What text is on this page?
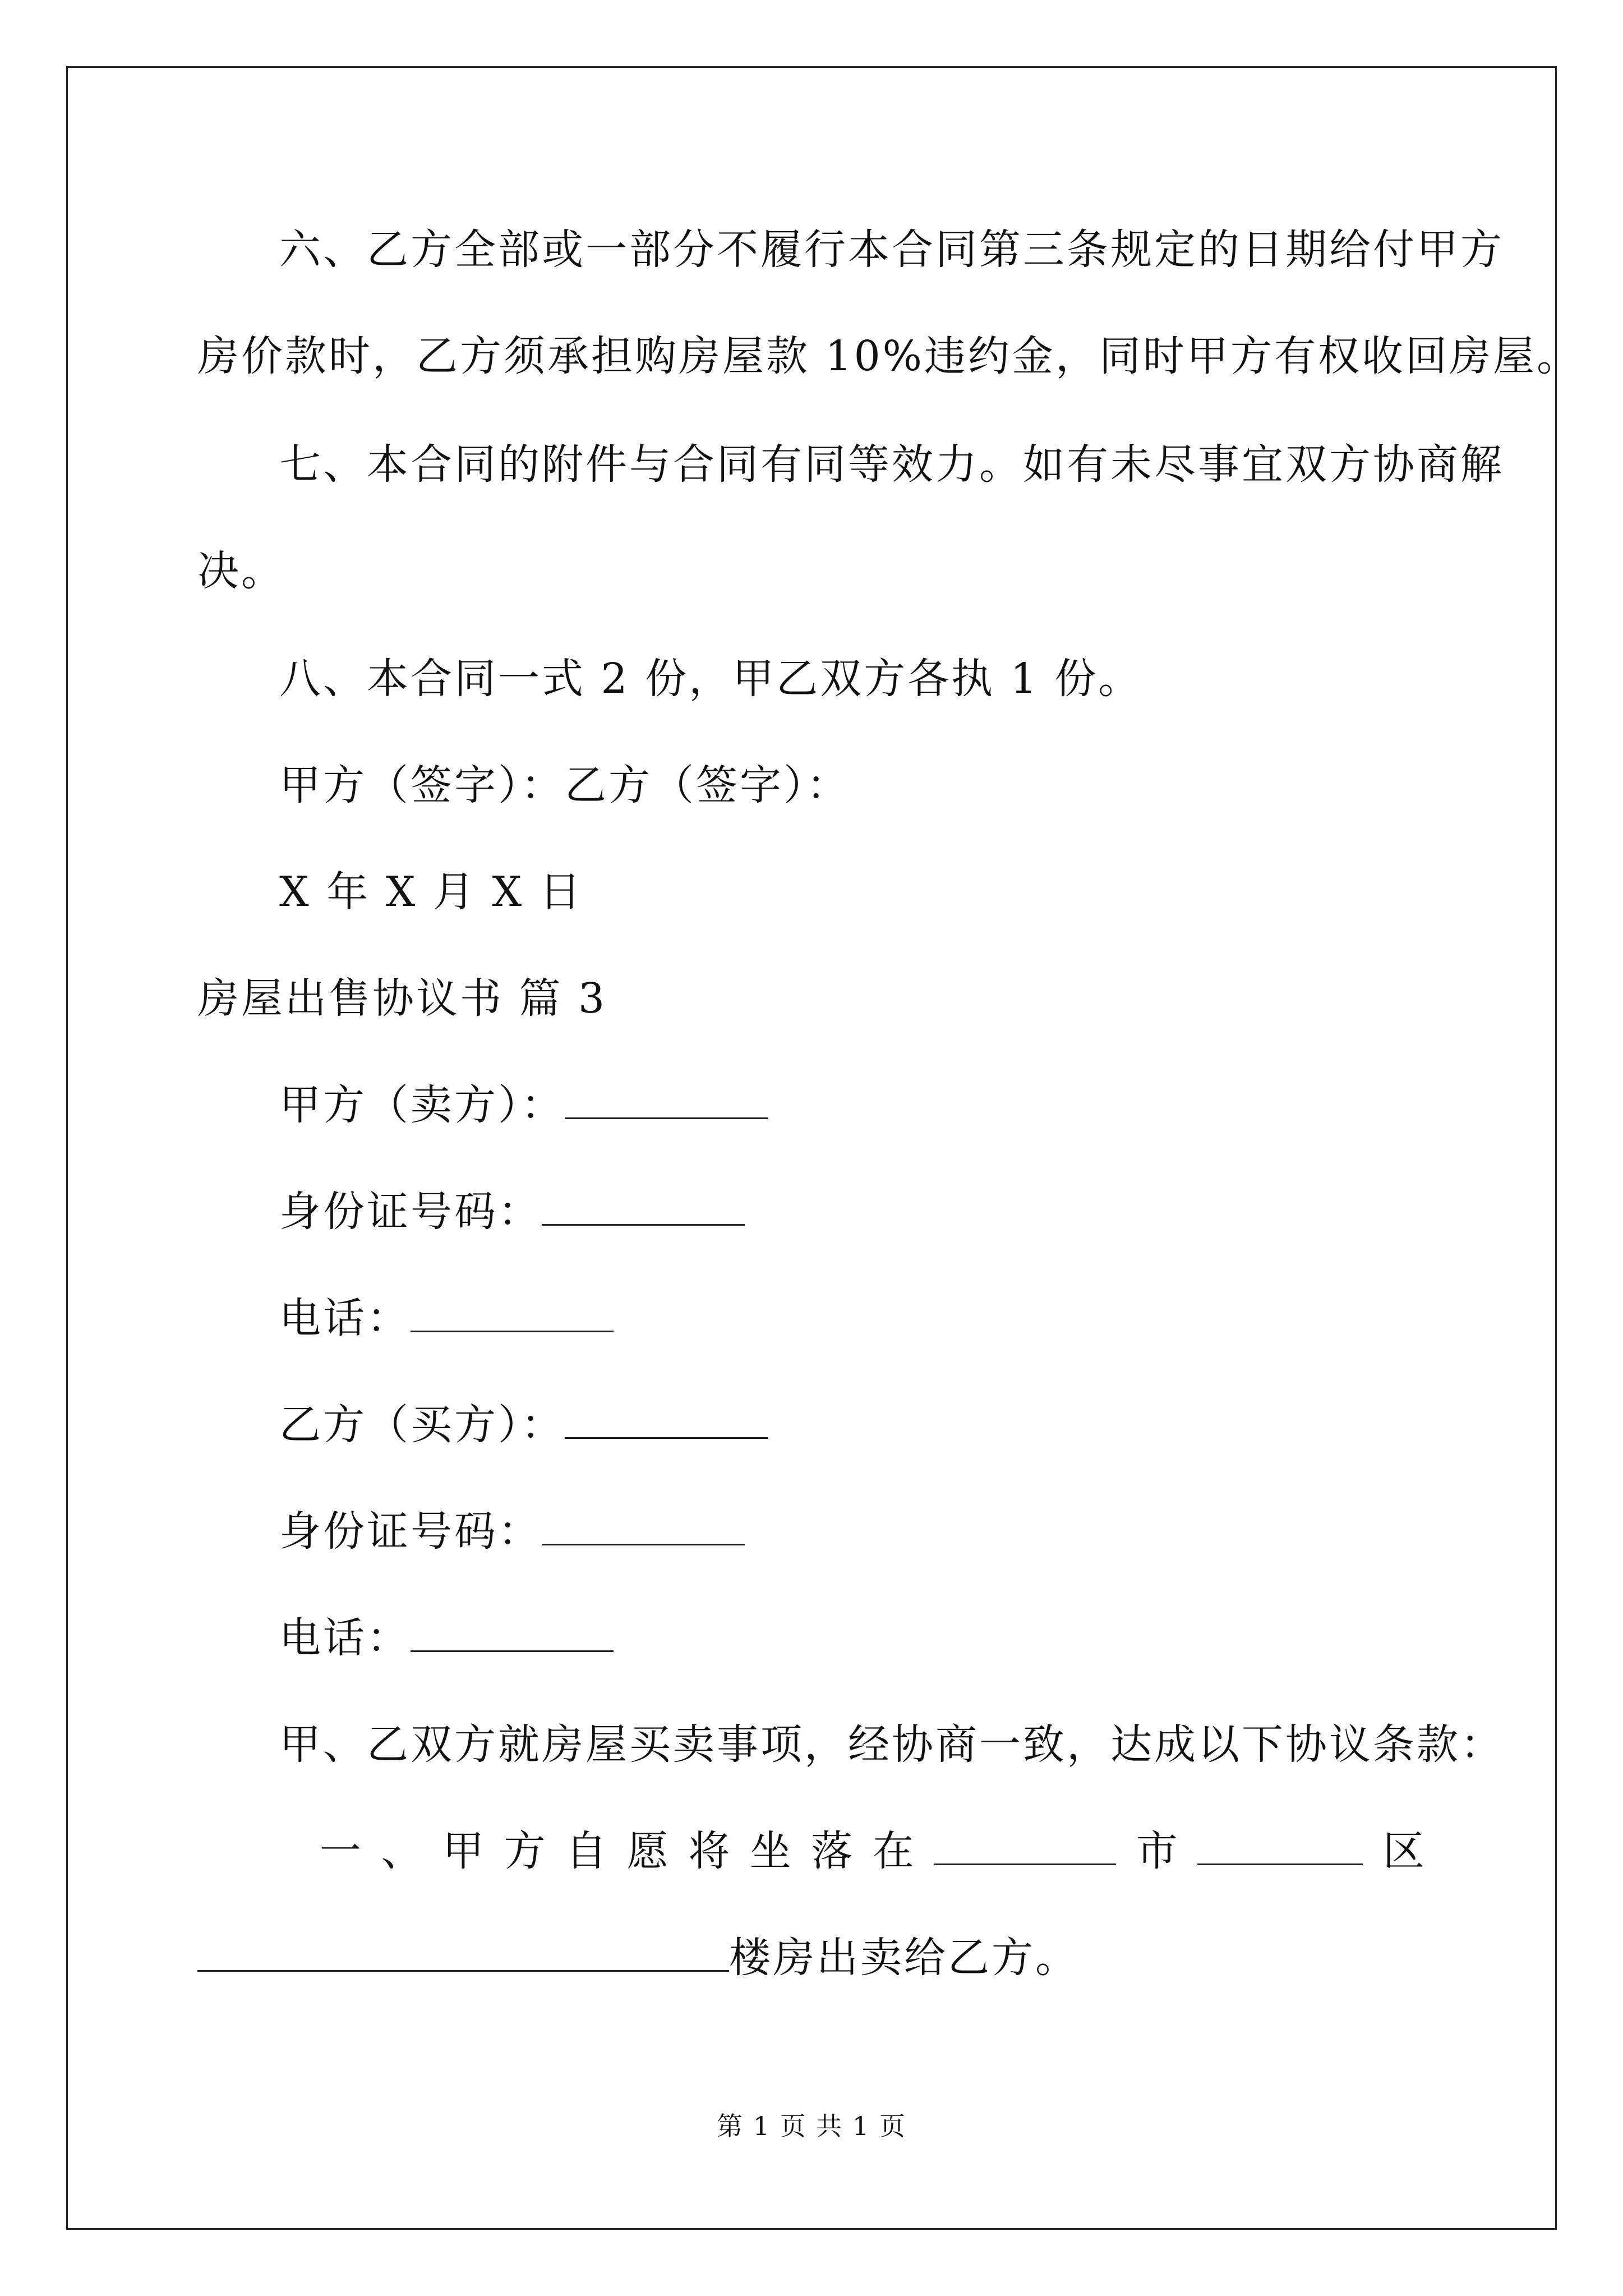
六、乙方全部或一部分不履行本合同第三条规定的日期给付甲方
房价款时，乙方须承担购房屋款 10%违约金，同时甲方有权收回房屋。
七、本合同的附件与合同有同等效力。如有未尽事宜双方协商解
决。
八、本合同一式 2 份，甲乙双方各执 1 份。
甲方（签字）：乙方（签字）：
X 年 X 月 X 日
房屋出售协议书 篇 3
甲方（卖方）：
身份证号码：
电话：
乙方（买方）：
身份证号码：
电话：
甲、乙双方就房屋买卖事项，经协商一致，达成以下协议条款：
一 、 甲 方 自 愿 将 坐 落 在	市	区
楼房出卖给乙方。
第 1 页 共 1 页
